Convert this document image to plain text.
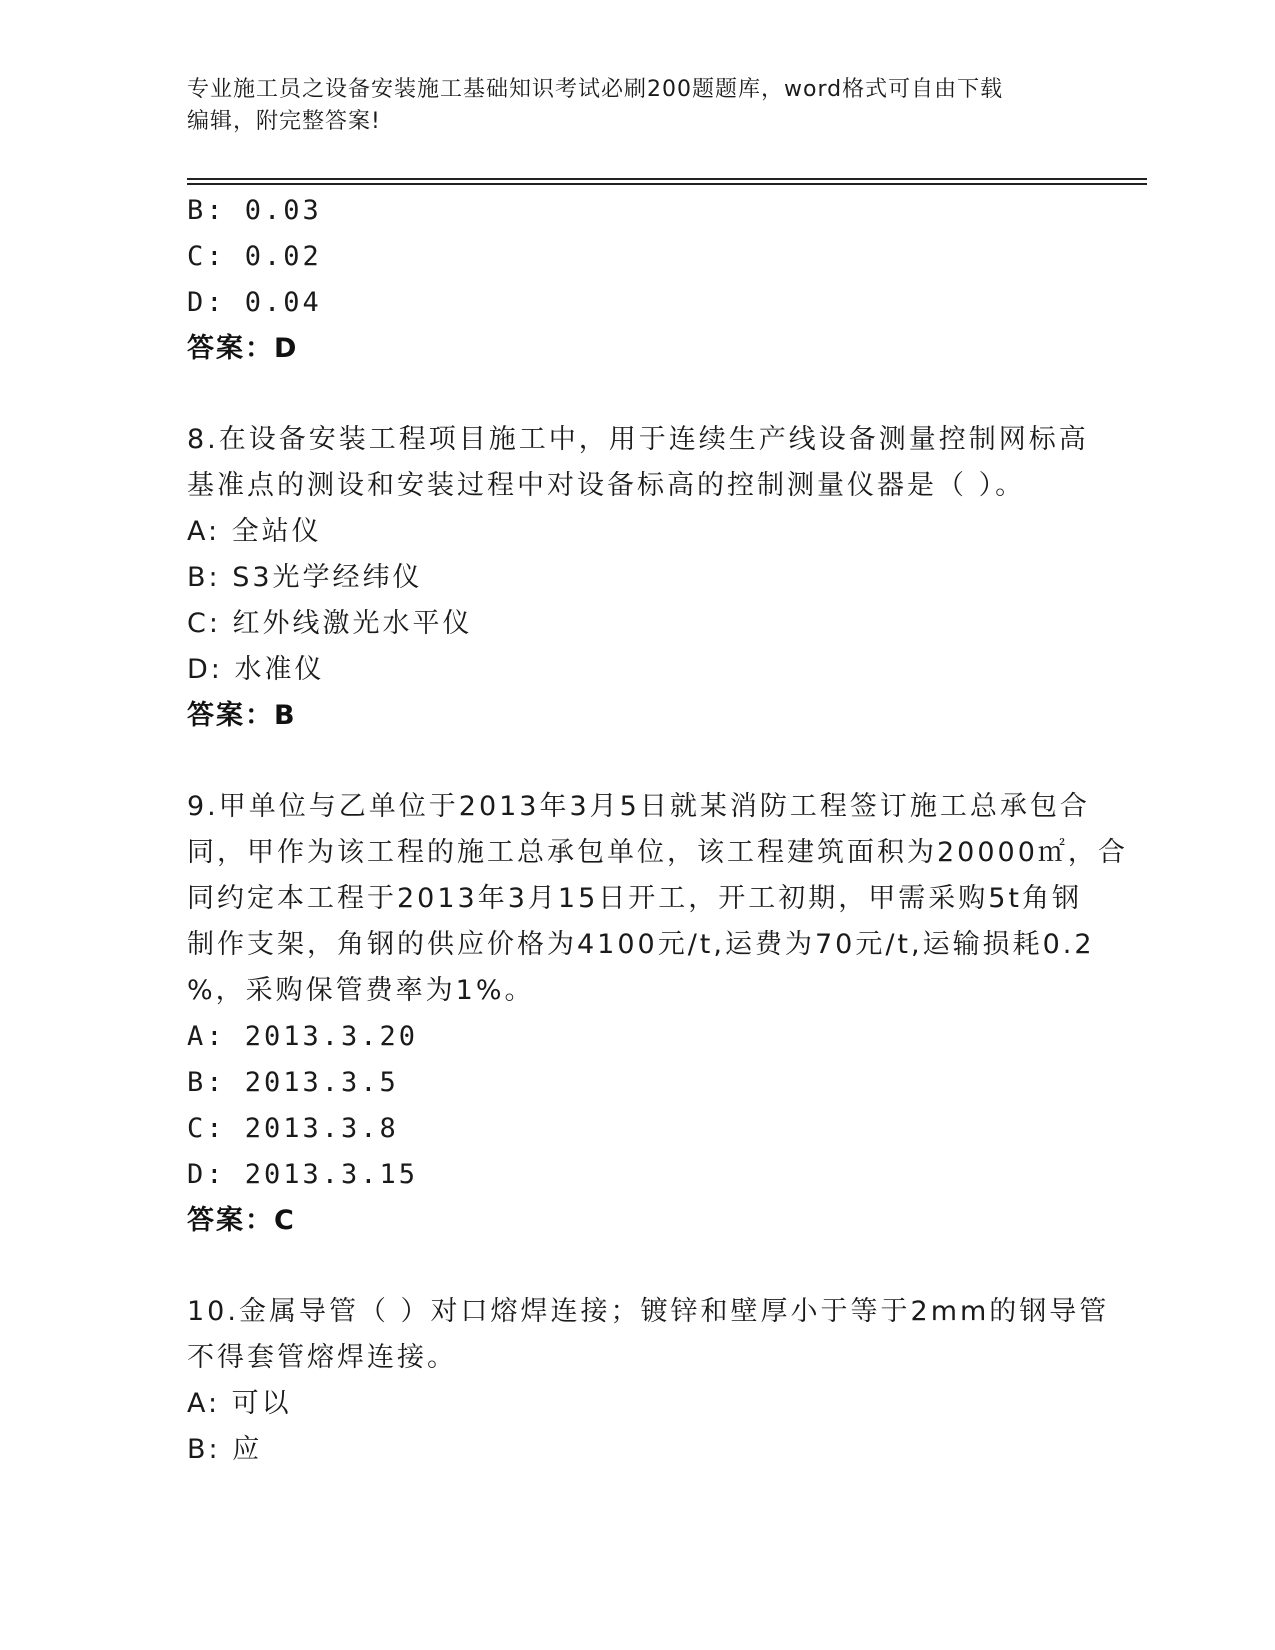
专业施工员之设备安装施工基础知识考试必刷200题题库，word格式可自由下载
编辑，附完整答案!
B: 0.03
C: 0.02
D: 0.04
答案：D
8.在设备安装工程项目施工中，用于连续生产线设备测量控制网标高
基准点的测设和安装过程中对设备标高的控制测量仪器是（ ）。
A: 全站仪
B: S3光学经纬仪
C: 红外线激光水平仪
D: 水准仪
答案：B
9.甲单位与乙单位于2013年3月5日就某消防工程签订施工总承包合
同，甲作为该工程的施工总承包单位，该工程建筑面积为20000㎡，合
同约定本工程于2013年3月15日开工，开工初期，甲需采购5t角钢
制作支架，角钢的供应价格为4100元/t,运费为70元/t,运输损耗0.2
%，采购保管费率为1%。
A: 2013.3.20
B: 2013.3.5
C: 2013.3.8
D: 2013.3.15
答案：C
10.金属导管（ ）对口熔焊连接；镀锌和壁厚小于等于2mm的钢导管
不得套管熔焊连接。
A: 可以
B: 应
